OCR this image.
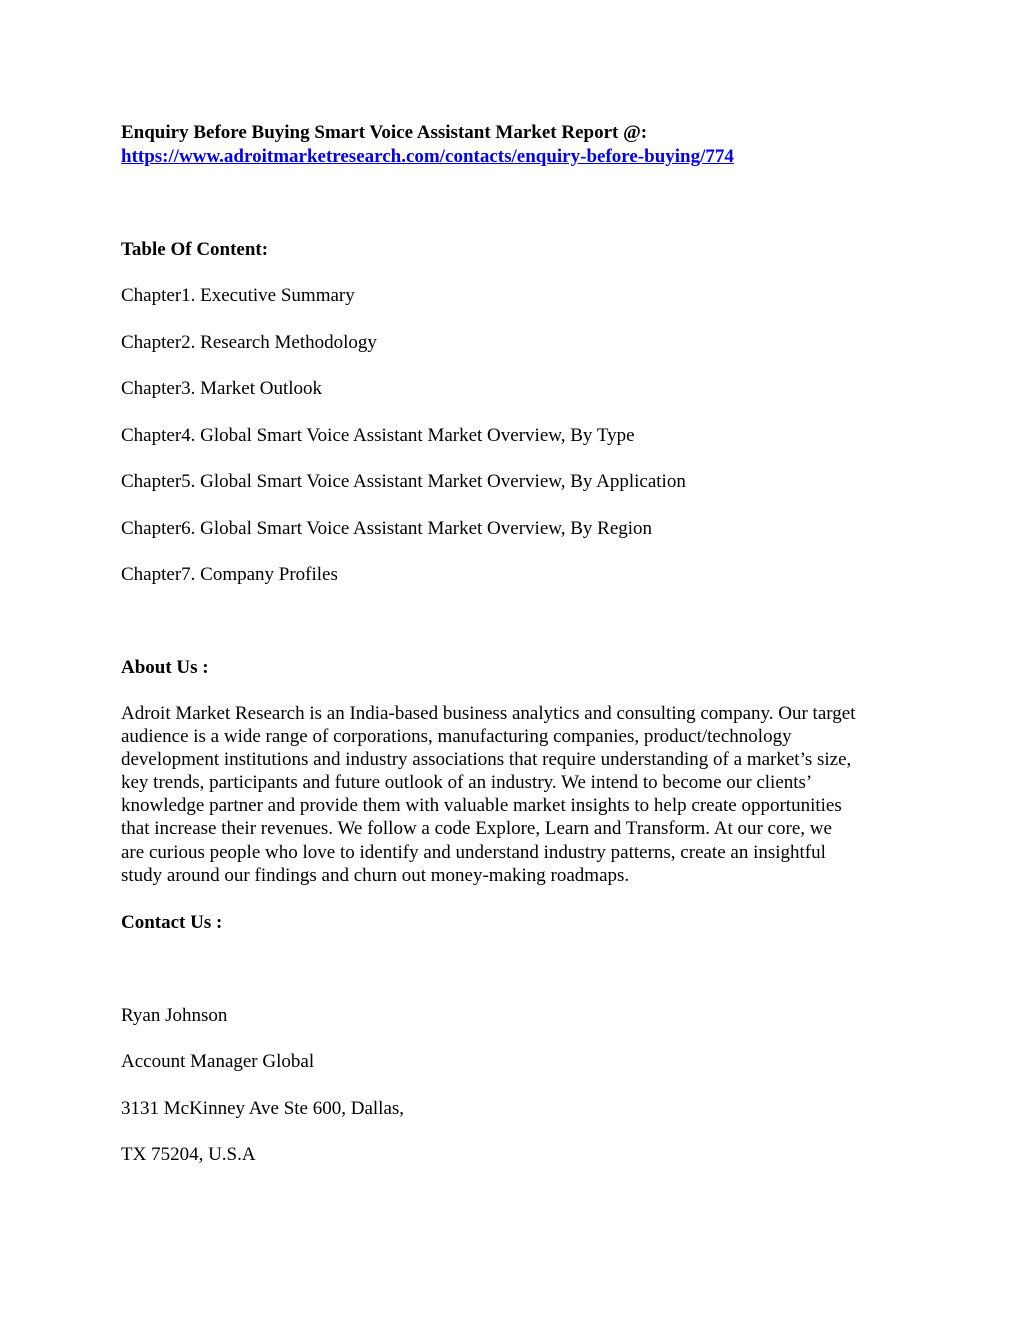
Enquiry Before Buying Smart Voice Assistant Market Report @:
https://www.adroitmarketresearch.com/contacts/enquiry-before-buying/774
Table Of Content:
Chapter1. Executive Summary
Chapter2. Research Methodology
Chapter3. Market Outlook
Chapter4. Global Smart Voice Assistant Market Overview, By Type
Chapter5. Global Smart Voice Assistant Market Overview, By Application
Chapter6. Global Smart Voice Assistant Market Overview, By Region
Chapter7. Company Profiles
About Us :
Adroit Market Research is an India-based business analytics and consulting company. Our target
audience is a wide range of corporations, manufacturing companies, product/technology
development institutions and industry associations that require understanding of a market’s size,
key trends, participants and future outlook of an industry. We intend to become our clients’
knowledge partner and provide them with valuable market insights to help create opportunities
that increase their revenues. We follow a code Explore, Learn and Transform. At our core, we
are curious people who love to identify and understand industry patterns, create an insightful
study around our findings and churn out money-making roadmaps.
Contact Us :
Ryan Johnson
Account Manager Global
3131 McKinney Ave Ste 600, Dallas,
TX 75204, U.S.A
